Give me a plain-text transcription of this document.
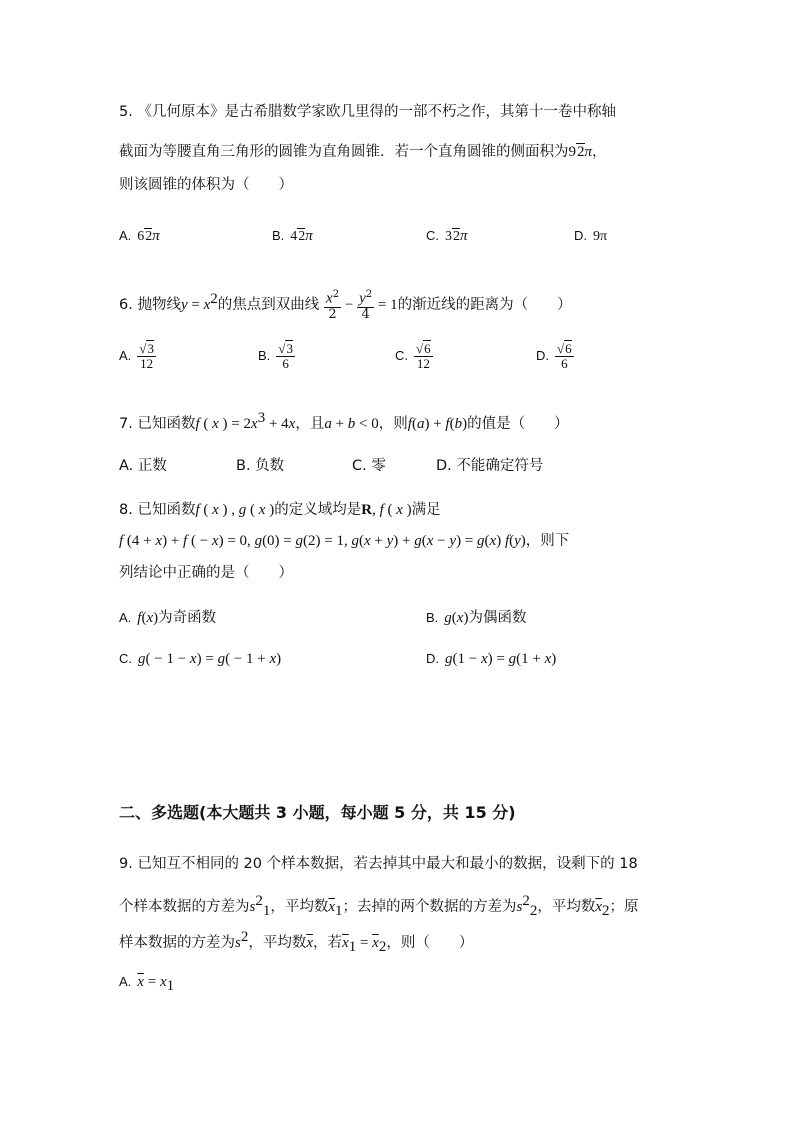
5. 《几何原本》是古希腊数学家欧几里得的一部不朽之作，其第十一卷中称轴
截面为等腰直角三角形的圆锥为直角圆锥．若一个直角圆锥的侧面积为92π，
则该圆锥的体积为（　　）
A. 62π	B. 42π	C. 32π	D. 9π
6. 抛物线$y = x^2$的焦点到双曲线 $\frac{x^2}{2} - \frac{y^2}{4} = 1$的渐近线的距离为（　　）
A. $\frac{√3}{12}$	B. $\frac{√3}{6}$	C. $\frac{√6}{12}$	D. $\frac{√6}{6}$
7. 已知函数f ( x ) = $2x^3 + 4x$，且a + b < 0，则f(a) + f(b)的值是（　　）
A. 正数	B. 负数	C. 零	D. 不能确定符号
8. 已知函数f ( x ) , g ( x )的定义域均是R, f ( x )满足
f (4 + x) + f ( − x) = 0, g(0) = g(2) = 1, g(x + y) + g(x − y) = g(x) f(y)，则下
列结论中正确的是（　　）
A. f(x)为奇函数	B. g(x)为偶函数
C. g( − 1 − x) = g( − 1 + x)	D. g(1 − x) = g(1 + x)
二、多选题(本大题共 3 小题，每小题 5 分，共 15 分)
9. 已知互不相同的 20 个样本数据，若去掉其中最大和最小的数据，设剩下的 18
个样本数据的方差为$s^2_1$，平均数$\overline{x}_1$；去掉的两个数据的方差为$s^2_2$，平均数$\overline{x}_2$；原
样本数据的方差为$s^2$，平均数$\overline{x}$，若$\overline{x}_1 = \overline{x}_2$，则（　　）
A. $\overline{x} = x_1$
